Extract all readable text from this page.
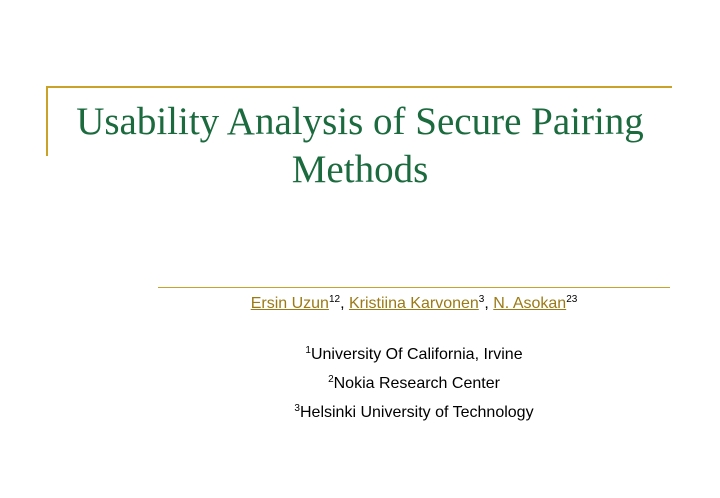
Usability Analysis of Secure Pairing
Methods
Ersin Uzun$^{12}$, Kristiina Karvonen$^3$, N. Asokan$^{23}$
$^1$University Of California, Irvine
$^2$Nokia Research Center
$^3$Helsinki University of Technology
